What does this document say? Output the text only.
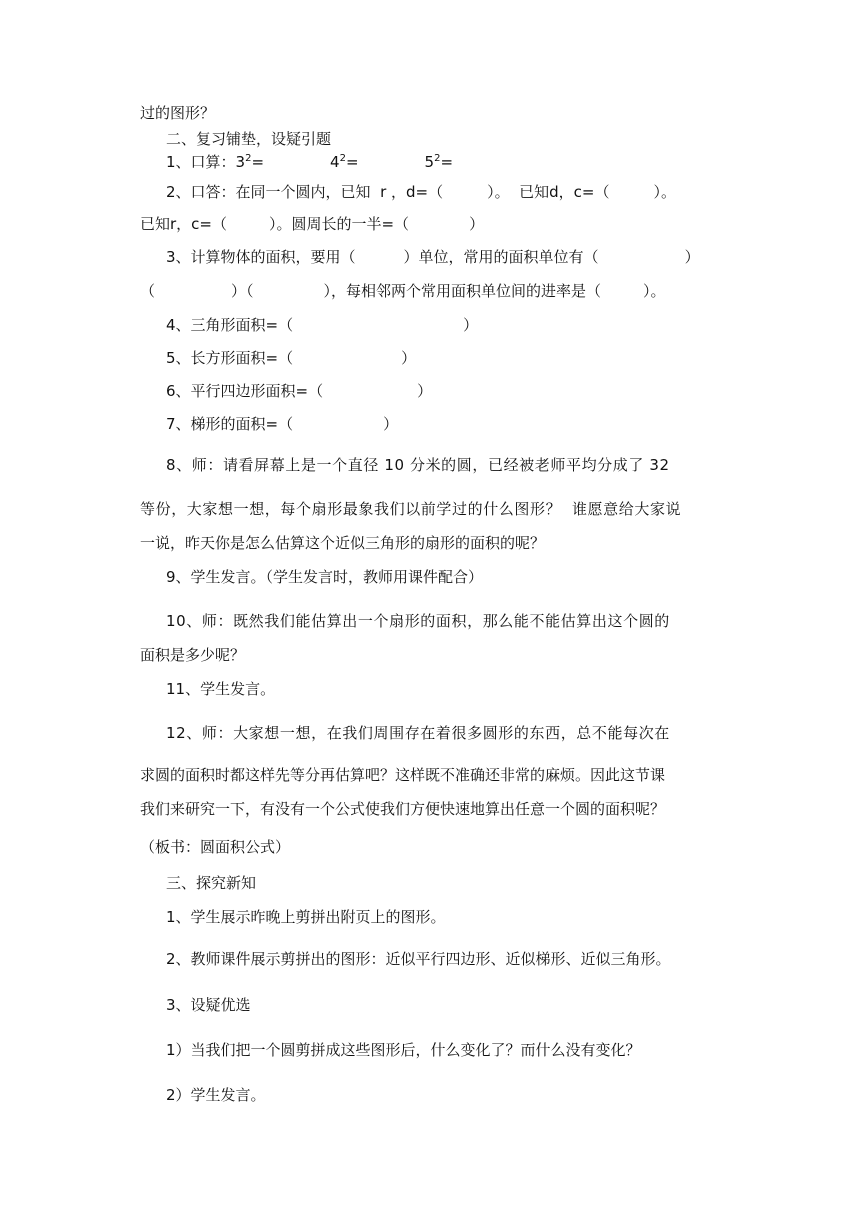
过的图形？
二、复习铺垫，设疑引题
1、口算：$3^2=$	$4^2=$	$5^2=$
2、口答：在同一个圆内，已知  r ，d=（	）。  已知d，c=（	）。
已知r，c=（	）。圆周长的一半=（	）
3、计算物体的面积，要用（	）单位，常用的面积单位有（	）
（	）（	），每相邻两个常用面积单位间的进率是（	）。
4、三角形面积=（	）
5、长方形面积=（	）
6、平行四边形面积=（	）
7、梯形的面积=（	）
8、师：请看屏幕上是一个直径 10 分米的圆，已经被老师平均分成了 32
等份，大家想一想，每个扇形最象我们以前学过的什么图形？  谁愿意给大家说
一说，昨天你是怎么估算这个近似三角形的扇形的面积的呢？
9、学生发言。（学生发言时，教师用课件配合）
10、师：既然我们能估算出一个扇形的面积，那么能不能估算出这个圆的
面积是多少呢？
11、学生发言。
12、师：大家想一想，在我们周围存在着很多圆形的东西，总不能每次在
求圆的面积时都这样先等分再估算吧？这样既不准确还非常的麻烦。因此这节课
我们来研究一下，有没有一个公式使我们方便快速地算出任意一个圆的面积呢？
（板书：圆面积公式）
三、探究新知
1、学生展示昨晚上剪拼出附页上的图形。
2、教师课件展示剪拼出的图形：近似平行四边形、近似梯形、近似三角形。
3、设疑优选
1）当我们把一个圆剪拼成这些图形后，什么变化了？而什么没有变化？
2）学生发言。
